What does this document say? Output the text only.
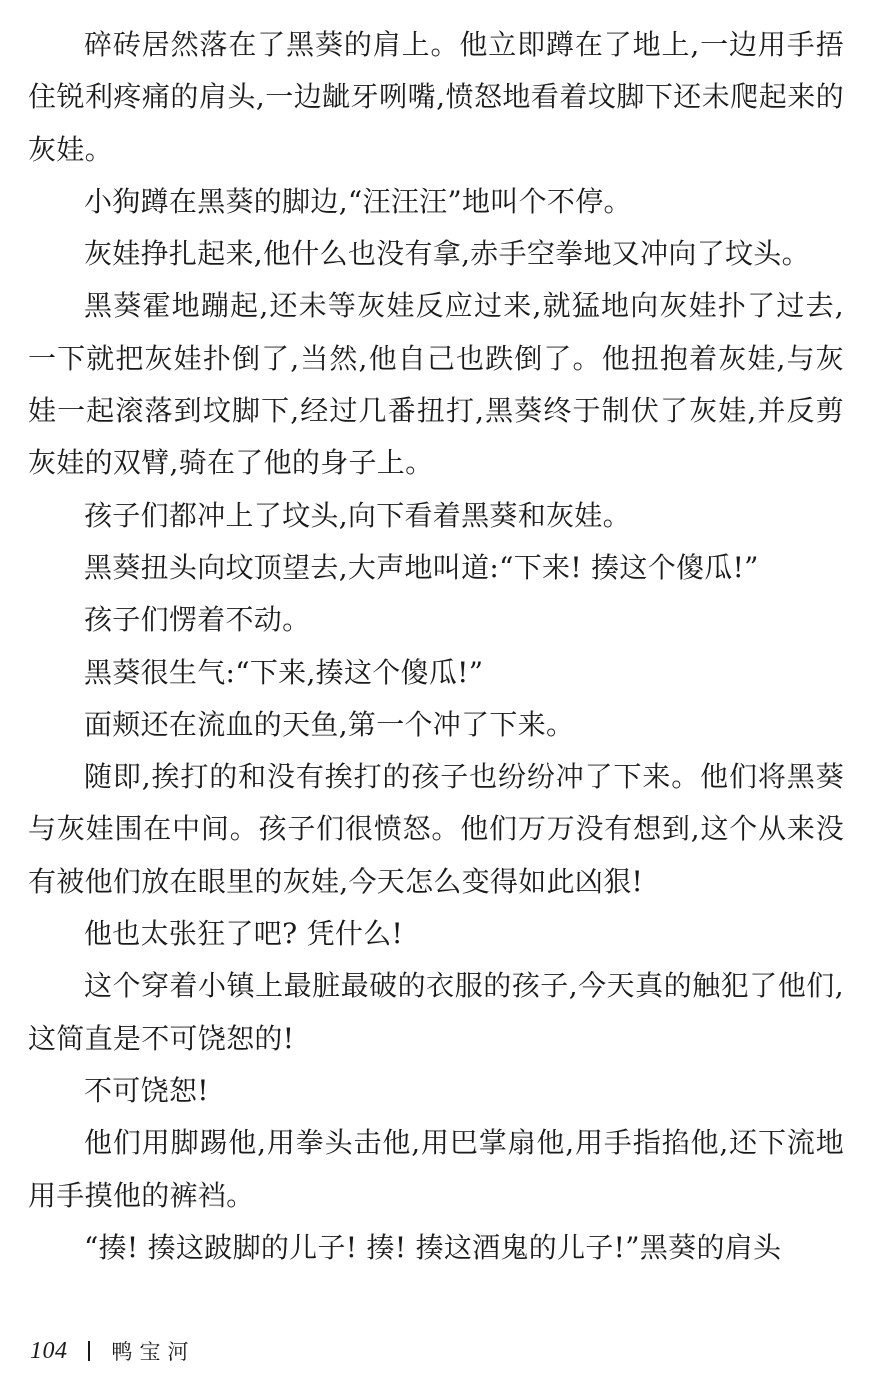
碎砖居然落在了黑葵的肩上。他立即蹲在了地上,一边用手捂住锐利疼痛的肩头,一边龇牙咧嘴,愤怒地看着坟脚下还未爬起来的灰娃。

小狗蹲在黑葵的脚边,“汪汪汪”地叫个不停。

灰娃挣扎起来,他什么也没有拿,赤手空拳地又冲向了坟头。

黑葵霍地蹦起,还未等灰娃反应过来,就猛地向灰娃扑了过去,一下就把灰娃扑倒了,当然,他自己也跌倒了。他扭抱着灰娃,与灰娃一起滚落到坟脚下,经过几番扭打,黑葵终于制伏了灰娃,并反剪灰娃的双臂,骑在了他的身子上。

孩子们都冲上了坟头,向下看着黑葵和灰娃。

黑葵扭头向坟顶望去,大声地叫道:“下来! 揍这个傻瓜!”

孩子们愣着不动。

黑葵很生气:“下来,揍这个傻瓜!”

面颊还在流血的天鱼,第一个冲了下来。

随即,挨打的和没有挨打的孩子也纷纷冲了下来。他们将黑葵与灰娃围在中间。孩子们很愤怒。他们万万没有想到,这个从来没有被他们放在眼里的灰娃,今天怎么变得如此凶狠!

他也太张狂了吧? 凭什么!

这个穿着小镇上最脏最破的衣服的孩子,今天真的触犯了他们,这简直是不可饶恕的!

不可饶恕!

他们用脚踢他,用拳头击他,用巴掌扇他,用手指掐他,还下流地用手摸他的裤裆。

“揍! 揍这跛脚的儿子! 揍! 揍这酒鬼的儿子!”黑葵的肩头

104 鸭宝河
